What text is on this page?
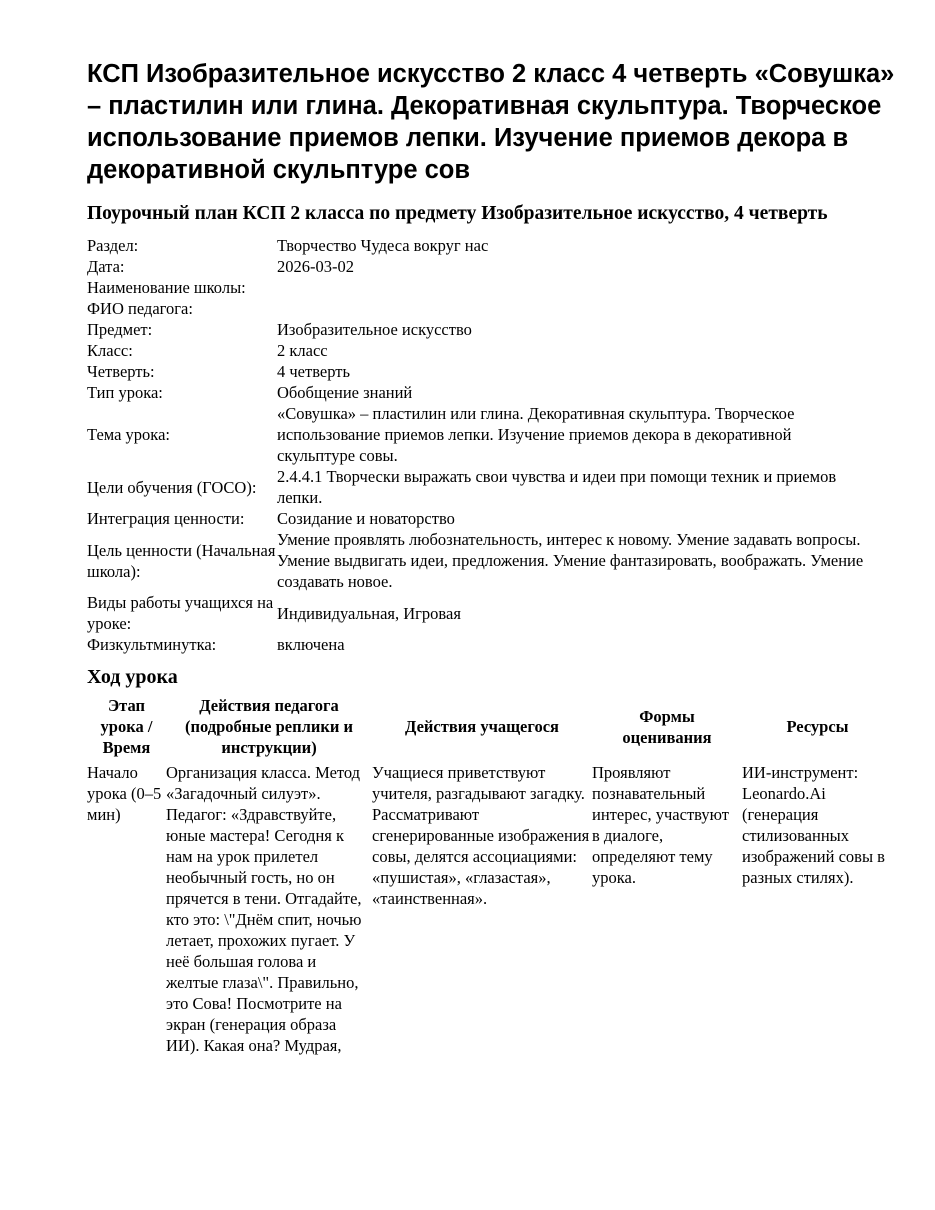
КСП Изобразительное искусство 2 класс 4 четверть «Совушка» – пластилин или глина. Декоративная скульптура. Творческое использование приемов лепки. Изучение приемов декора в декоративной скульптуре сов
Поурочный план КСП 2 класса по предмету Изобразительное искусство, 4 четверть
Раздел:	Творчество Чудеса вокруг нас
Дата:	2026-03-02
Наименование школы:	
ФИО педагога:	
Предмет:	Изобразительное искусство
Класс:	2 класс
Четверть:	4 четверть
Тип урока:	Обобщение знаний
Тема урока:	«Совушка» – пластилин или глина. Декоративная скульптура. Творческое использование приемов лепки. Изучение приемов декора в декоративной скульптуре совы.
Цели обучения (ГОСО):	2.4.4.1 Творчески выражать свои чувства и идеи при помощи техник и приемов лепки.
Интеграция ценности:	Созидание и новаторство
Цель ценности (Начальная школа):	Умение проявлять любознательность, интерес к новому. Умение задавать вопросы. Умение выдвигать идеи, предложения. Умение фантазировать, воображать. Умение создавать новое.
Виды работы учащихся на уроке:	Индивидуальная, Игровая
Физкультминутка:	включена
Ход урока
Этап урока / Время	Действия педагога (подробные реплики и инструкции)	Действия учащегося	Формы оценивания	Ресурсы
Начало урока (0–5 мин)	Организация класса. Метод «Загадочный силуэт». Педагог: «Здравствуйте, юные мастера! Сегодня к нам на урок прилетел необычный гость, но он прячется в тени. Отгадайте, кто это: \"Днём спит, ночью летает, прохожих пугает. У неё большая голова и желтые глаза\". Правильно, это Сова! Посмотрите на экран (генерация образа ИИ). Какая она? Мудрая,	Учащиеся приветствуют учителя, разгадывают загадку. Рассматривают сгенерированные изображения совы, делятся ассоциациями: «пушистая», «глазастая», «таинственная».	Проявляют познавательный интерес, участвуют в диалоге, определяют тему урока.	ИИ-инструмент: Leonardo.Ai (генерация стилизованных изображений совы в разных стилях).
